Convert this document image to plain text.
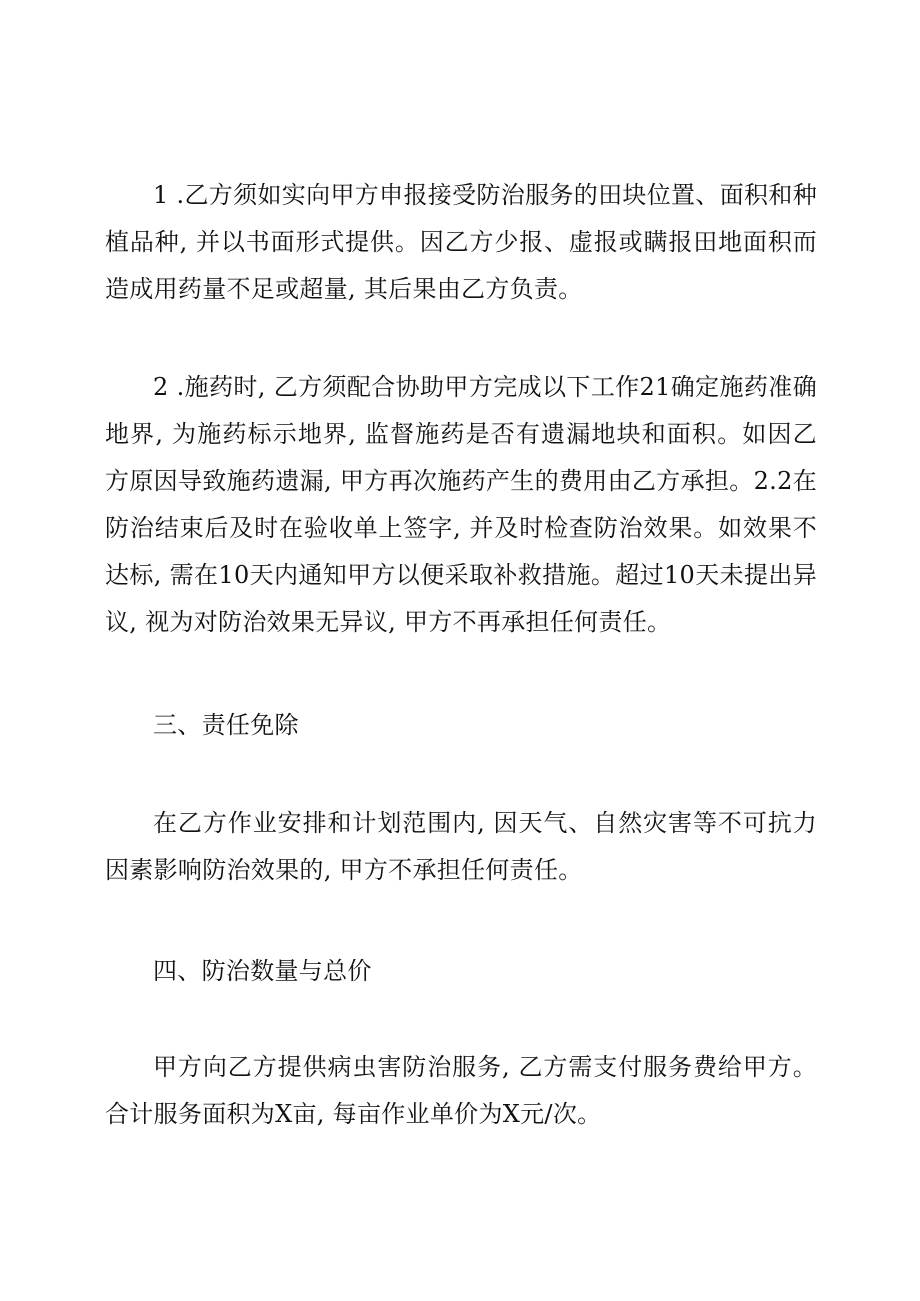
1 .乙方须如实向甲方申报接受防治服务的田块位置、面积和种植品种, 并以书面形式提供。因乙方少报、虚报或瞒报田地面积而造成用药量不足或超量, 其后果由乙方负责。

2 .施药时, 乙方须配合协助甲方完成以下工作21确定施药准确地界, 为施药标示地界, 监督施药是否有遗漏地块和面积。如因乙方原因导致施药遗漏, 甲方再次施药产生的费用由乙方承担。2.2在防治结束后及时在验收单上签字, 并及时检查防治效果。如效果不达标, 需在10天内通知甲方以便采取补救措施。超过10天未提出异议, 视为对防治效果无异议, 甲方不再承担任何责任。

三、责任免除

在乙方作业安排和计划范围内, 因天气、自然灾害等不可抗力因素影响防治效果的, 甲方不承担任何责任。

四、防治数量与总价

甲方向乙方提供病虫害防治服务, 乙方需支付服务费给甲方。合计服务面积为X亩, 每亩作业单价为X元/次。
